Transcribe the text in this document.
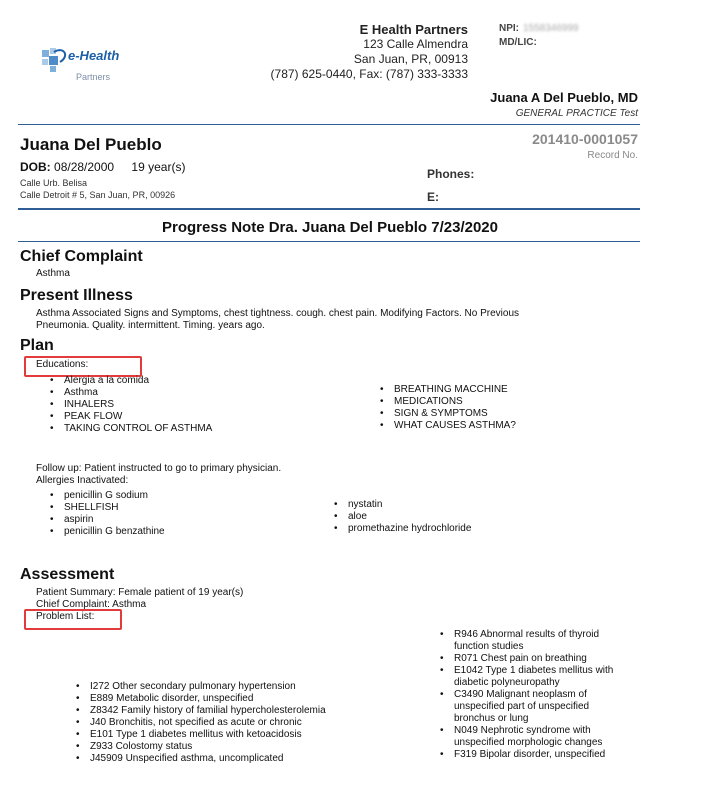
e-Health
Partners
E Health Partners
123 Calle Almendra
San Juan, PR, 00913
(787) 625-0440, Fax: (787) 333-3333
NPI: 1558346999
MD/LIC:
Juana A Del Pueblo, MD
GENERAL PRACTICE Test
Juana Del Pueblo
DOB: 08/28/2000 19 year(s)
Calle Urb. Belisa
Calle Detroit # 5, San Juan, PR, 00926
201410-0001057
Record No.
Phones:
E:
Progress Note Dra. Juana Del Pueblo 7/23/2020
Chief Complaint
Asthma
Present Illness
Asthma Associated Signs and Symptoms, chest tightness. cough. chest pain. Modifying Factors. No Previous
Pneumonia. Quality. intermittent. Timing. years ago.
Plan
Educations:
• Alergia a la comida
• Asthma
• INHALERS
• PEAK FLOW
• TAKING CONTROL OF ASTHMA
• BREATHING MACCHINE
• MEDICATIONS
• SIGN & SYMPTOMS
• WHAT CAUSES ASTHMA?
Follow up: Patient instructed to go to primary physician.
Allergies Inactivated:
• penicillin G sodium
• SHELLFISH
• aspirin
• penicillin G benzathine
• nystatin
• aloe
• promethazine hydrochloride
Assessment
Patient Summary: Female patient of 19 year(s)
Chief Complaint: Asthma
Problem List:
• I272 Other secondary pulmonary hypertension
• E889 Metabolic disorder, unspecified
• Z8342 Family history of familial hypercholesterolemia
• J40 Bronchitis, not specified as acute or chronic
• E101 Type 1 diabetes mellitus with ketoacidosis
• Z933 Colostomy status
• J45909 Unspecified asthma, uncomplicated
• R946 Abnormal results of thyroid function studies
• R071 Chest pain on breathing
• E1042 Type 1 diabetes mellitus with diabetic polyneuropathy
• C3490 Malignant neoplasm of unspecified part of unspecified bronchus or lung
• N049 Nephrotic syndrome with unspecified morphologic changes
• F319 Bipolar disorder, unspecified
